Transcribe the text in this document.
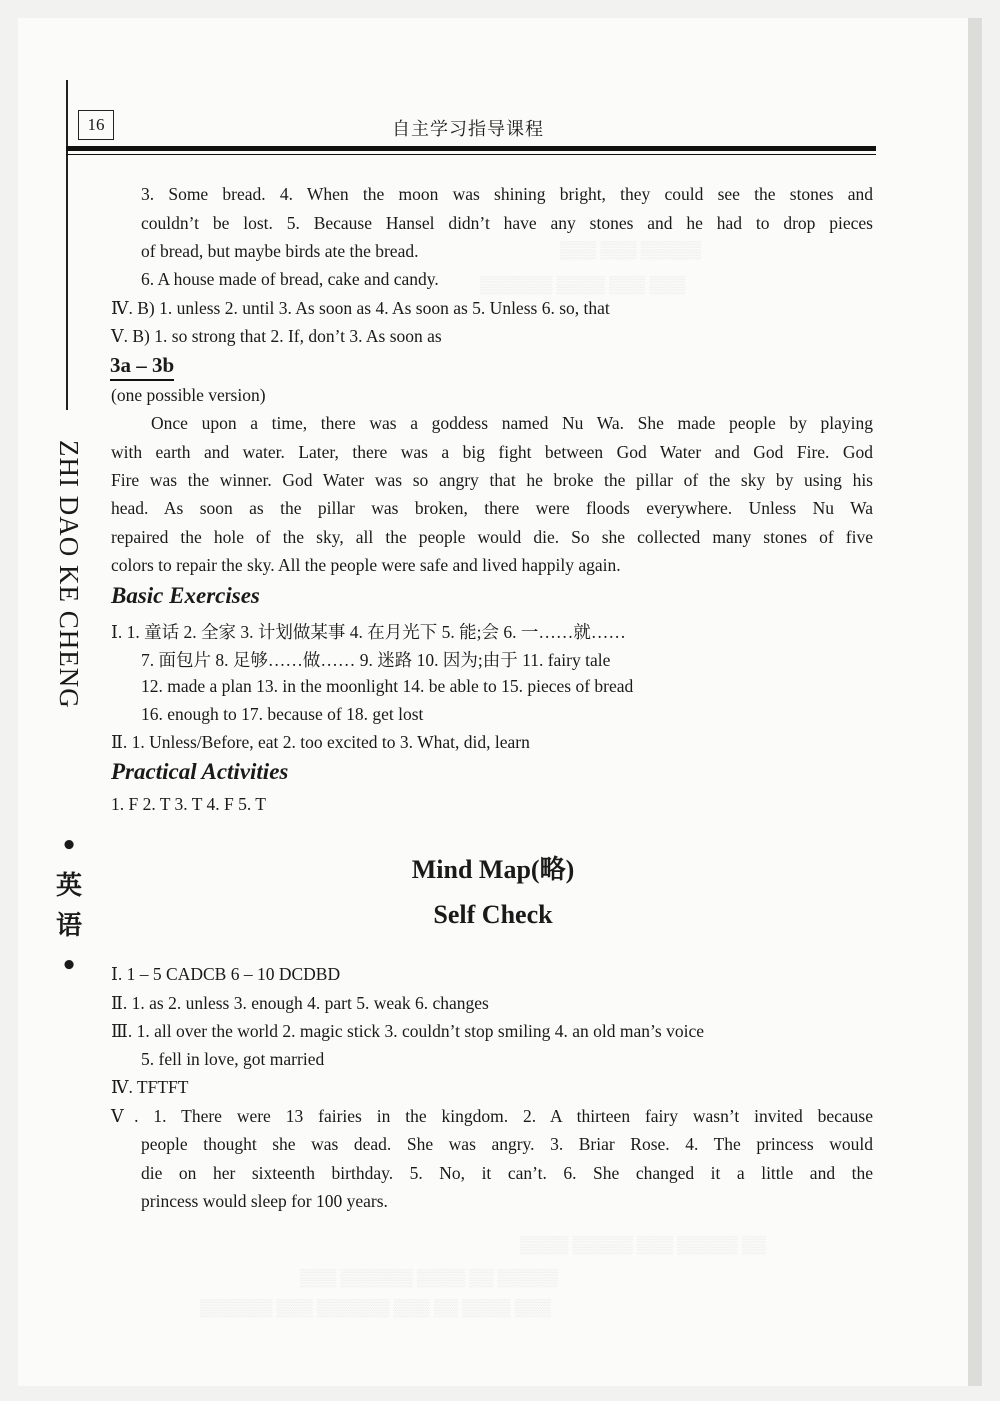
▒▒▒ ▒▒▒ ▒▒▒▒▒
▒▒▒▒▒▒ ▒▒▒▒ ▒▒▒ ▒▒▒
▒▒▒▒ ▒▒▒▒▒ ▒▒▒ ▒▒▒▒▒ ▒▒
▒▒▒ ▒▒▒▒▒▒ ▒▒▒▒ ▒▒ ▒▒▒▒▒
▒▒▒▒▒▒ ▒▒▒ ▒▒▒▒▒▒ ▒▒▒ ▒▒ ▒▒▒▒ ▒▒▒
16	自主学习指导课程
ZHI DAO KE CHENG
•
英
语
•
3. Some bread. 4. When the moon was shining bright, they could see the stones and
couldn’t be lost. 5. Because Hansel didn’t have any stones and he had to drop pieces
of bread, but maybe birds ate the bread.
6. A house made of bread, cake and candy.
Ⅳ. B) 1. unless 2. until 3. As soon as 4. As soon as 5. Unless 6. so, that
Ⅴ. B) 1. so strong that 2. If, don’t 3. As soon as
3a – 3b
(one possible version)
Once upon a time, there was a goddess named Nu Wa. She made people by playing
with earth and water. Later, there was a big fight between God Water and God Fire. God
Fire was the winner. God Water was so angry that he broke the pillar of the sky by using his
head. As soon as the pillar was broken, there were floods everywhere. Unless Nu Wa
repaired the hole of the sky, all the people would die. So she collected many stones of five
colors to repair the sky. All the people were safe and lived happily again.
Basic Exercises
Ⅰ. 1. 童话 2. 全家 3. 计划做某事 4. 在月光下 5. 能;会 6. 一……就……
7. 面包片 8. 足够……做…… 9. 迷路 10. 因为;由于 11. fairy tale
12. made a plan 13. in the moonlight 14. be able to 15. pieces of bread
16. enough to 17. because of 18. get lost
Ⅱ. 1. Unless/Before, eat 2. too excited to 3. What, did, learn
Practical Activities
1. F 2. T 3. T 4. F 5. T
Mind Map(略)
Self Check
Ⅰ. 1 – 5 CADCB 6 – 10 DCDBD
Ⅱ. 1. as 2. unless 3. enough 4. part 5. weak 6. changes
Ⅲ. 1. all over the world 2. magic stick 3. couldn’t stop smiling 4. an old man’s voice
5. fell in love, got married
Ⅳ. TFTFT
Ⅴ. 1. There were 13 fairies in the kingdom. 2. A thirteen fairy wasn’t invited because
people thought she was dead. She was angry. 3. Briar Rose. 4. The princess would
die on her sixteenth birthday. 5. No, it can’t. 6. She changed it a little and the
princess would sleep for 100 years.
